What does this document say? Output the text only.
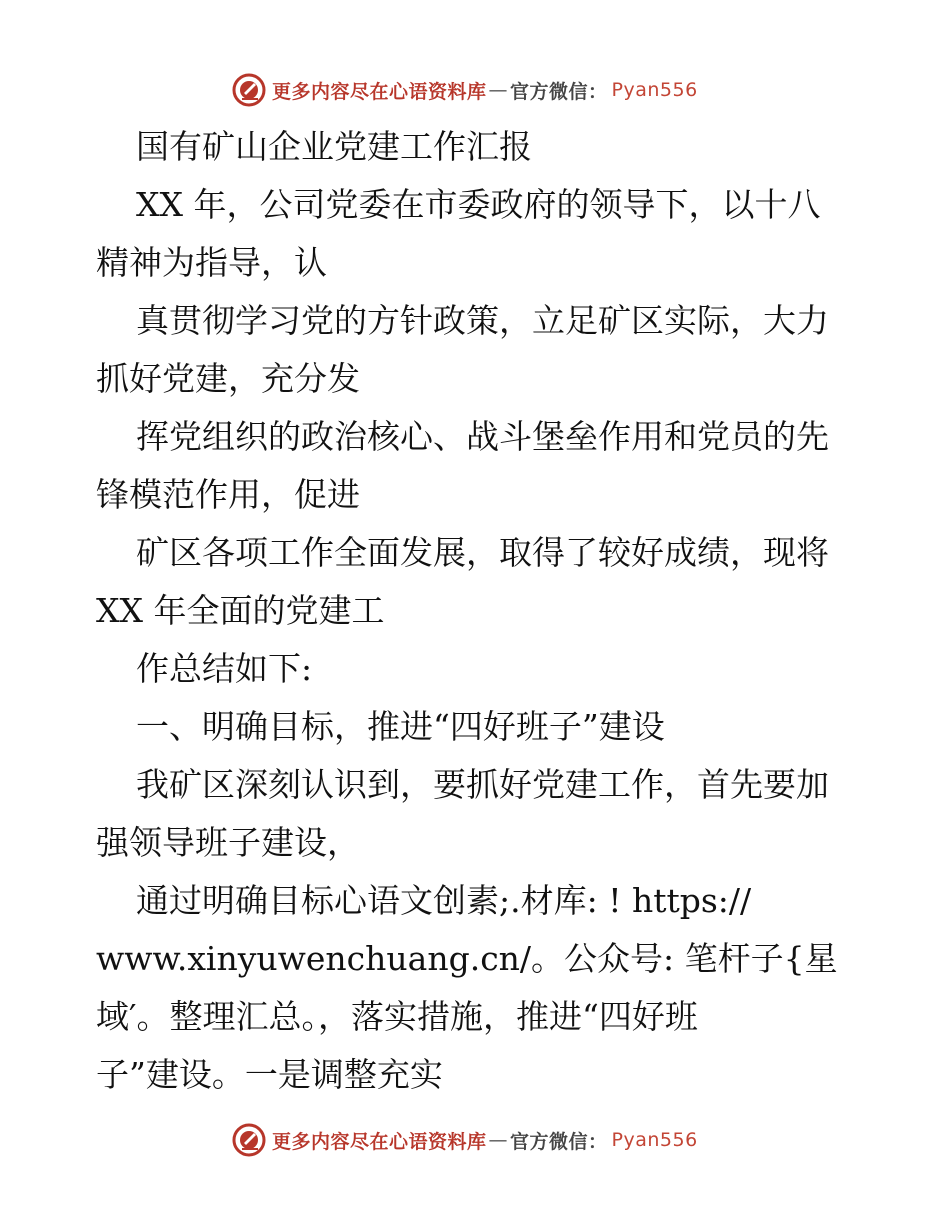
更多内容尽在心语资料库 — 官方微信： Pyan556
国有矿山企业党建工作汇报
XX 年，公司党委在市委政府的领导下，以十八
精神为指导，认
真贯彻学习党的方针政策，立足矿区实际，大力
抓好党建，充分发
挥党组织的政治核心、战斗堡垒作用和党员的先
锋模范作用，促进
矿区各项工作全面发展，取得了较好成绩，现将
XX 年全面的党建工
作总结如下:
一、明确目标，推进“四好班子”建设
我矿区深刻认识到，要抓好党建工作，首先要加
强领导班子建设，
通过明确目标心语文创素;.材库: ! https://
www.xinyuwenchuang.cn/。公众号: 笔杆子{星
域′。整理汇总。，落实措施，推进“四好班
子”建设。一是调整充实
更多内容尽在心语资料库 — 官方微信： Pyan556
